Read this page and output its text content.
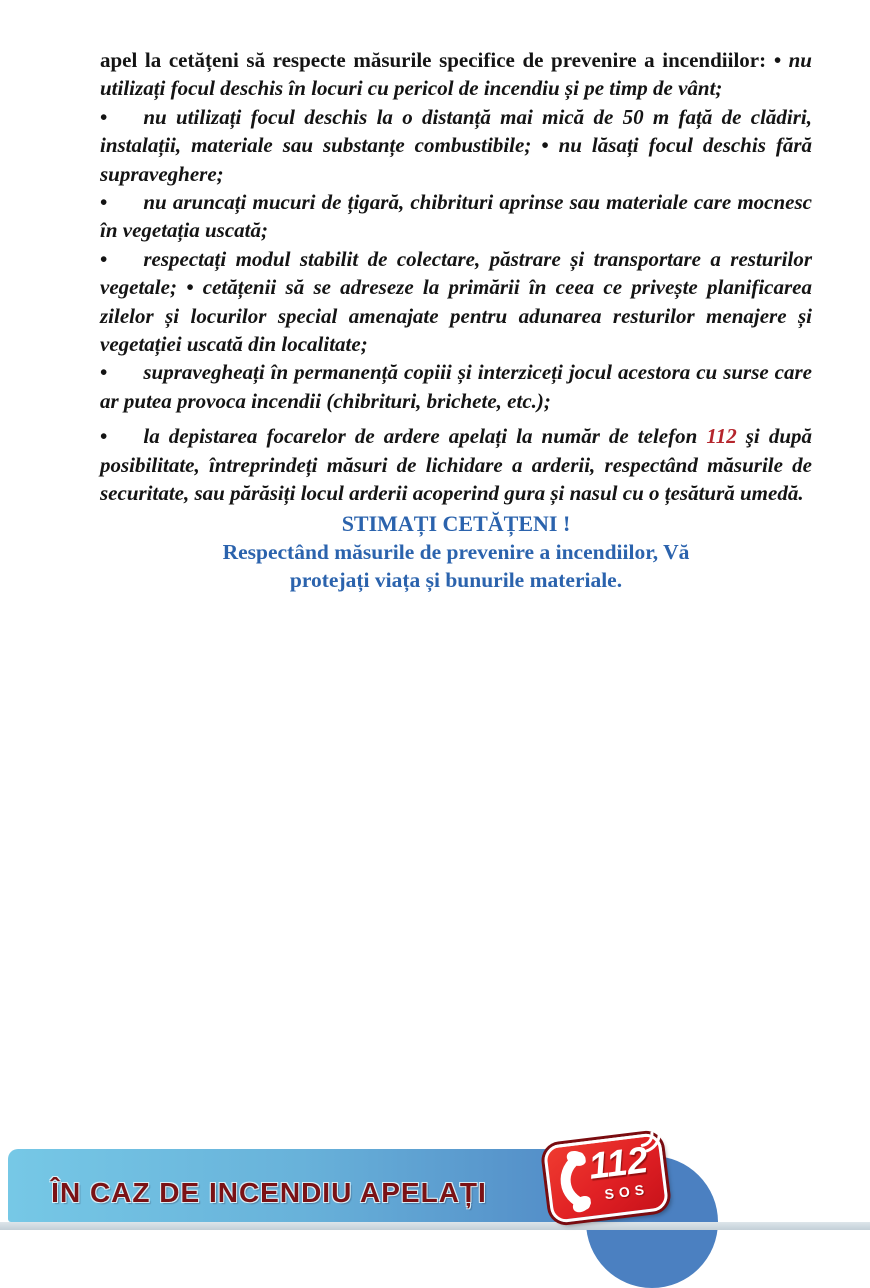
apel la cetățeni să respecte măsurile specifice de prevenire a incendiilor: • nu utilizați focul deschis în locuri cu pericol de incendiu și pe timp de vânt;

• nu utilizați focul deschis la o distanță mai mică de 50 m față de clădiri, instalații, materiale sau substanțe combustibile; • nu lăsați focul deschis fără supraveghere;

• nu aruncați mucuri de țigară, chibrituri aprinse sau materiale care mocnesc în vegetația uscată;

• respectați modul stabilit de colectare, păstrare și transportare a resturilor vegetale; • cetățenii să se adreseze la primării în ceea ce privește planificarea zilelor și locurilor special amenajate pentru adunarea resturilor menajere și vegetației uscată din localitate;

• supravegheați în permanență copiii și interziceți jocul acestora cu surse care ar putea provoca incendii (chibrituri, brichete, etc.);

• la depistarea focarelor de ardere apelați la număr de telefon 112 şi după posibilitate, întreprindeți măsuri de lichidare a arderii, respectând măsurile de securitate, sau părăsiți locul arderii acoperind gura și nasul cu o țesătură umedă.

STIMAȚI CETĂȚENI !
Respectând măsurile de prevenire a incendiilor, Vă
protejați viața și bunurile materiale.
ÎN CAZ DE INCENDIU APELAȚI
112
SOS
